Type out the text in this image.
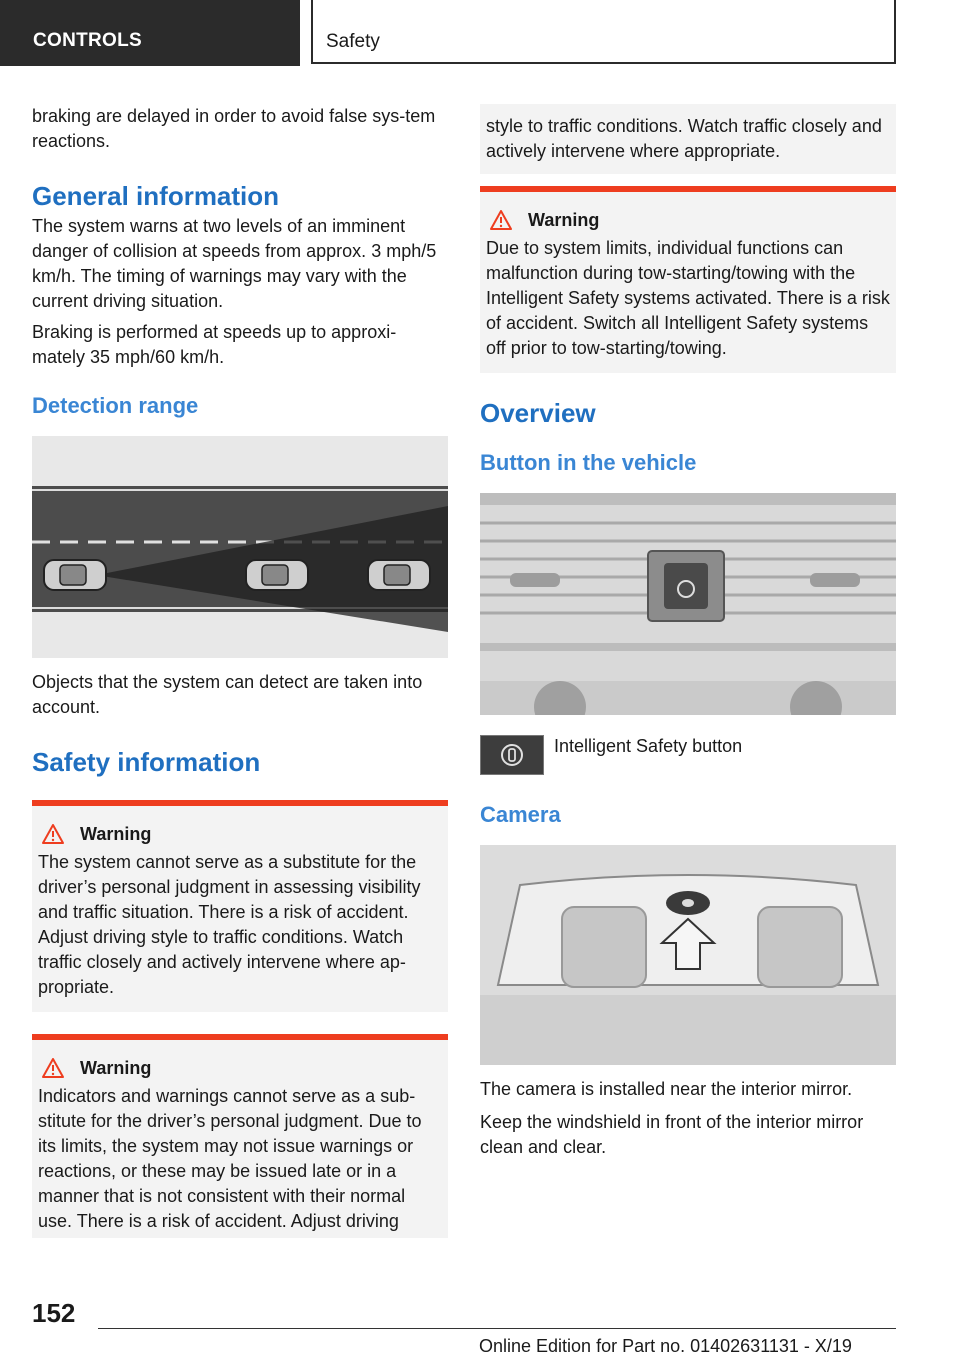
CONTROLS	Safety

braking are delayed in order to avoid false sys-tem reactions.

General information

The system warns at two levels of an imminent danger of collision at speeds from approx. 3 mph/5 km/h. The timing of warnings may vary with the current driving situation.

Braking is performed at speeds up to approxi-mately 35 mph/60 km/h.

Detection range

Objects that the system can detect are taken into account.

Safety information
Warning
The system cannot serve as a substitute for the driver’s personal judgment in assessing visibility and traffic situation. There is a risk of accident. Adjust driving style to traffic conditions. Watch traffic closely and actively intervene where ap-propriate.
Warning
Indicators and warnings cannot serve as a sub-stitute for the driver’s personal judgment. Due to its limits, the system may not issue warnings or reactions, or these may be issued late or in a manner that is not consistent with their normal use. There is a risk of accident. Adjust driving
style to traffic conditions. Watch traffic closely and actively intervene where appropriate.
Warning
Due to system limits, individual functions can malfunction during tow-starting/towing with the Intelligent Safety systems activated. There is a risk of accident. Switch all Intelligent Safety systems off prior to tow-starting/towing.
Overview
Button in the vehicle
Intelligent Safety button
Camera

The camera is installed near the interior mirror.

Keep the windshield in front of the interior mirror clean and clear.

152
Online Edition for Part no. 01402631131 - X/19
